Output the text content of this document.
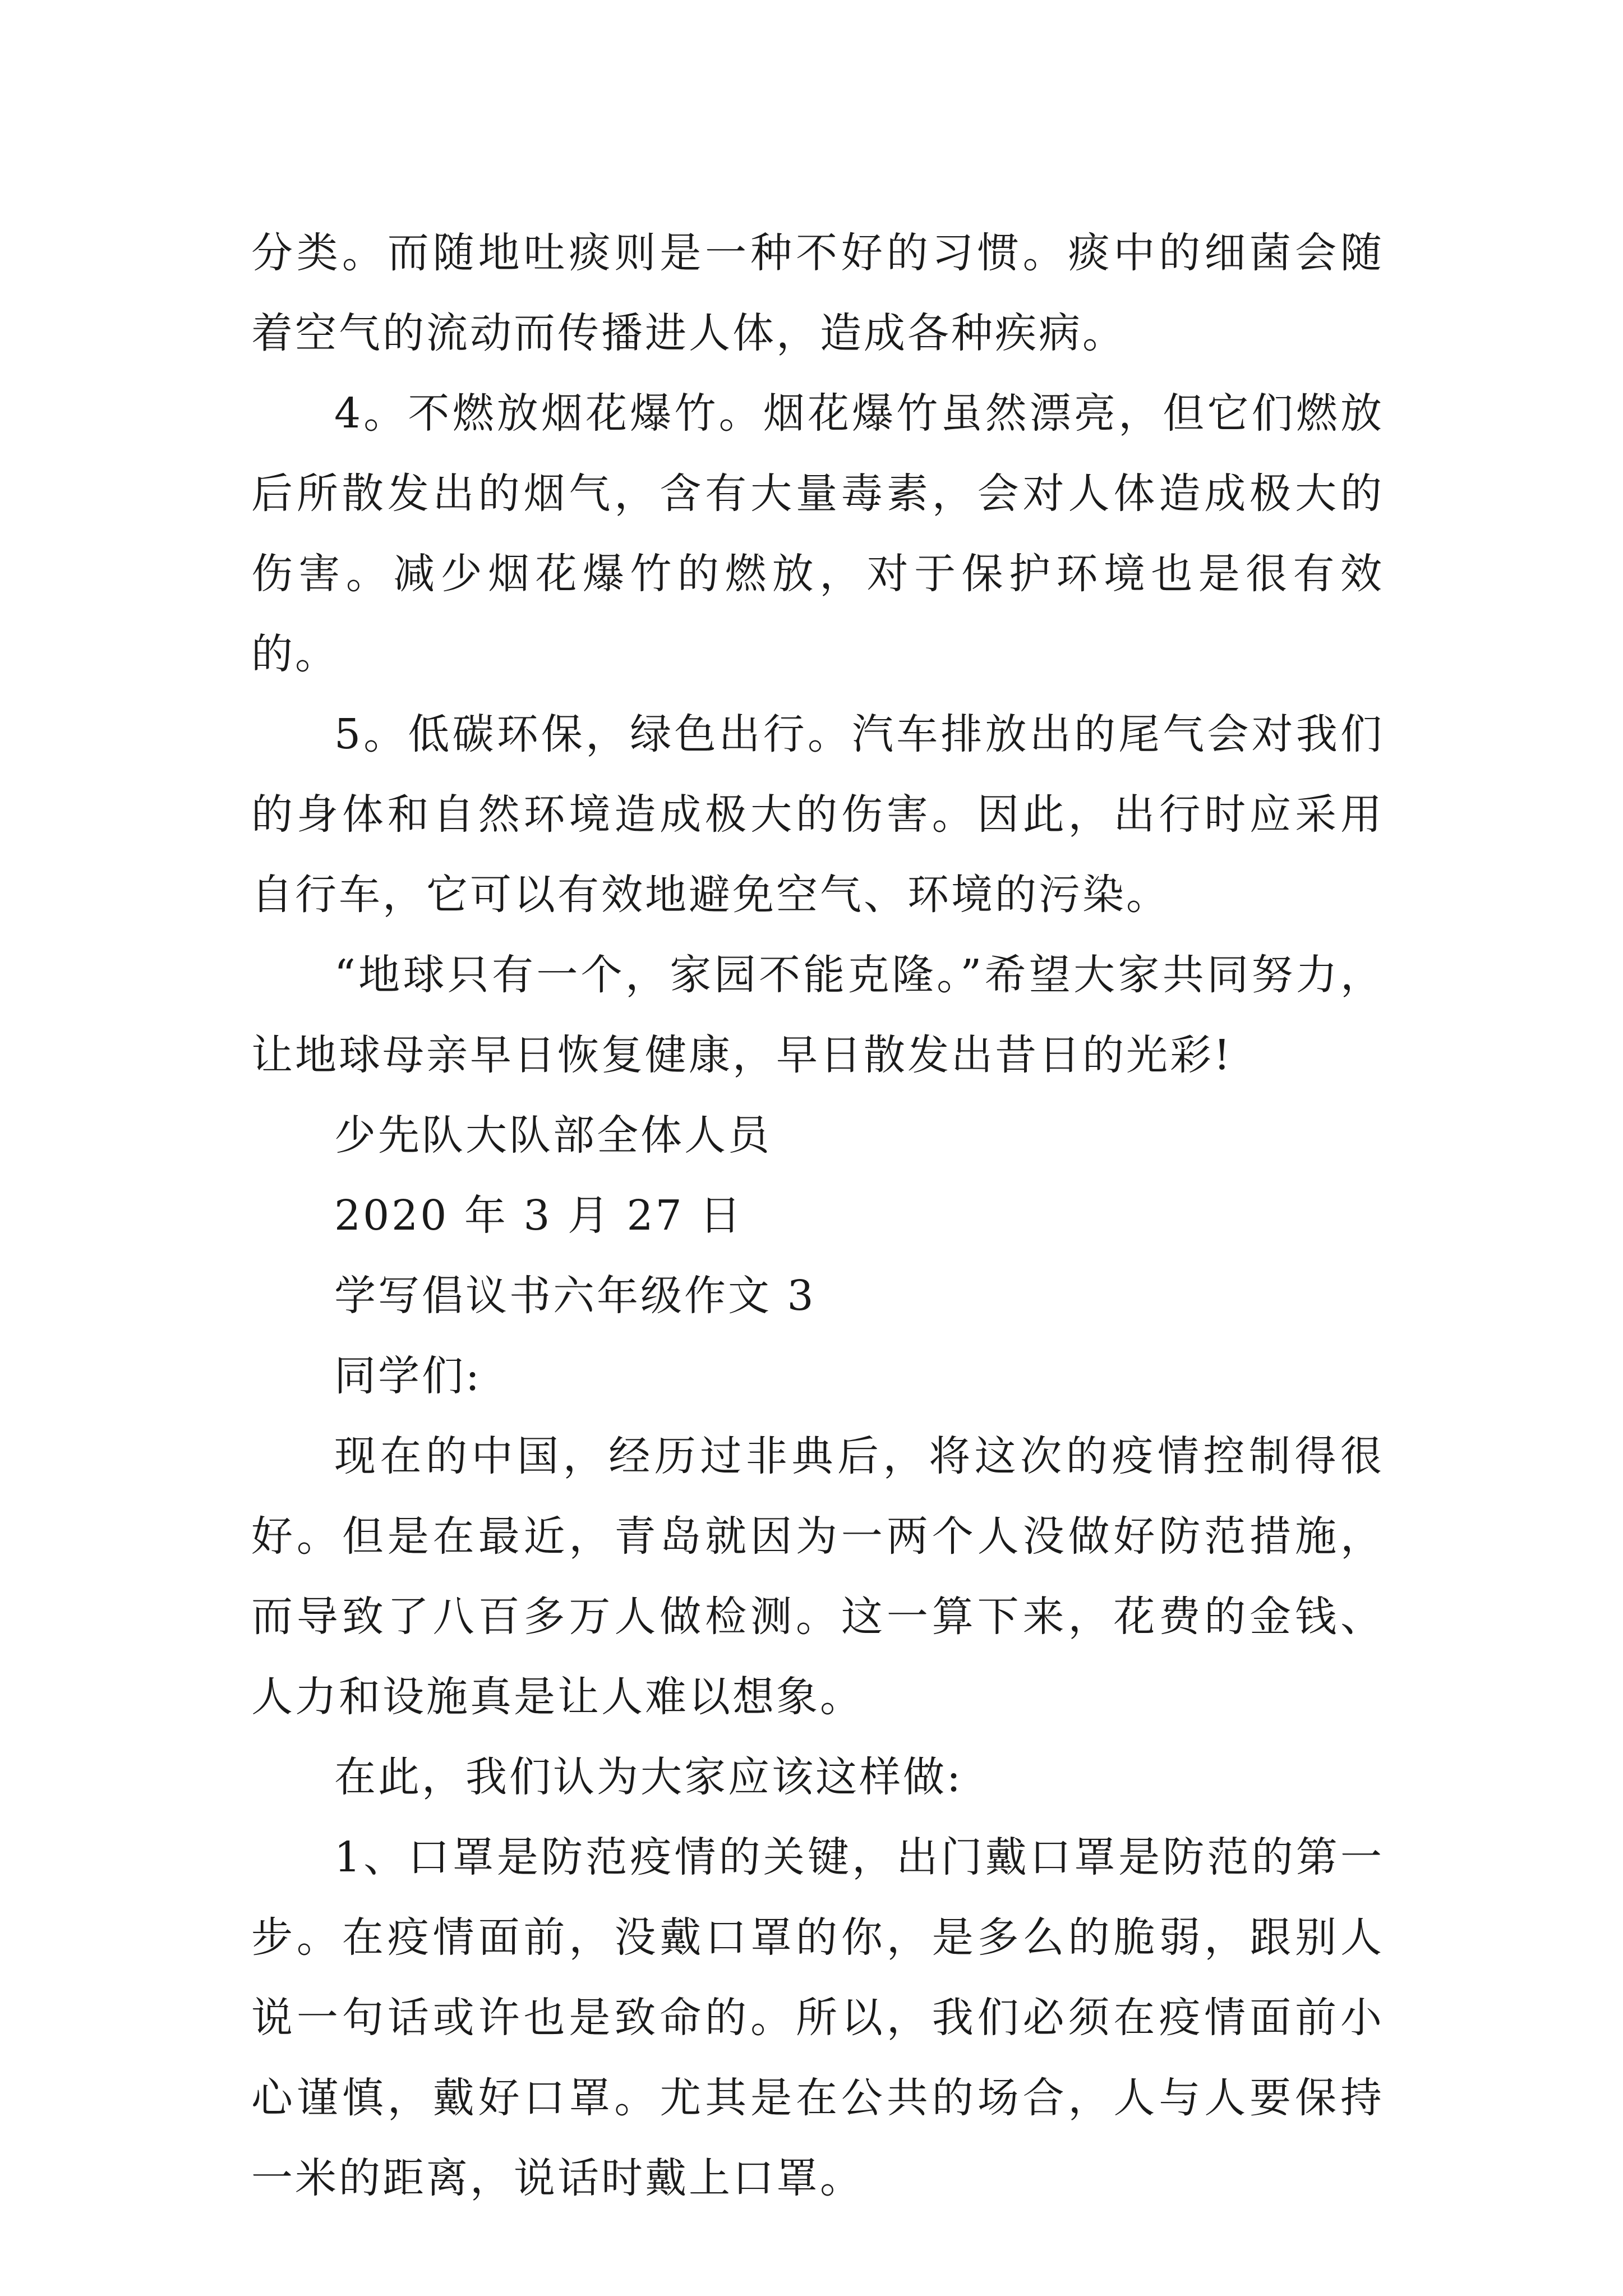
分类。而随地吐痰则是一种不好的习惯。痰中的细菌会随着空气的流动而传播进人体，造成各种疾病。

4。不燃放烟花爆竹。烟花爆竹虽然漂亮，但它们燃放后所散发出的烟气，含有大量毒素，会对人体造成极大的伤害。减少烟花爆竹的燃放，对于保护环境也是很有效的。

5。低碳环保，绿色出行。汽车排放出的尾气会对我们的身体和自然环境造成极大的伤害。因此，出行时应采用自行车，它可以有效地避免空气、环境的污染。

“地球只有一个，家园不能克隆。”希望大家共同努力，让地球母亲早日恢复健康，早日散发出昔日的光彩!

少先队大队部全体人员

2020 年 3 月 27 日

学写倡议书六年级作文 3

同学们:

现在的中国，经历过非典后，将这次的疫情控制得很好。但是在最近，青岛就因为一两个人没做好防范措施，而导致了八百多万人做检测。这一算下来，花费的金钱、人力和设施真是让人难以想象。

在此，我们认为大家应该这样做:

1、口罩是防范疫情的关键，出门戴口罩是防范的第一步。在疫情面前，没戴口罩的你，是多么的脆弱，跟别人说一句话或许也是致命的。所以，我们必须在疫情面前小心谨慎，戴好口罩。尤其是在公共的场合，人与人要保持一米的距离，说话时戴上口罩。
